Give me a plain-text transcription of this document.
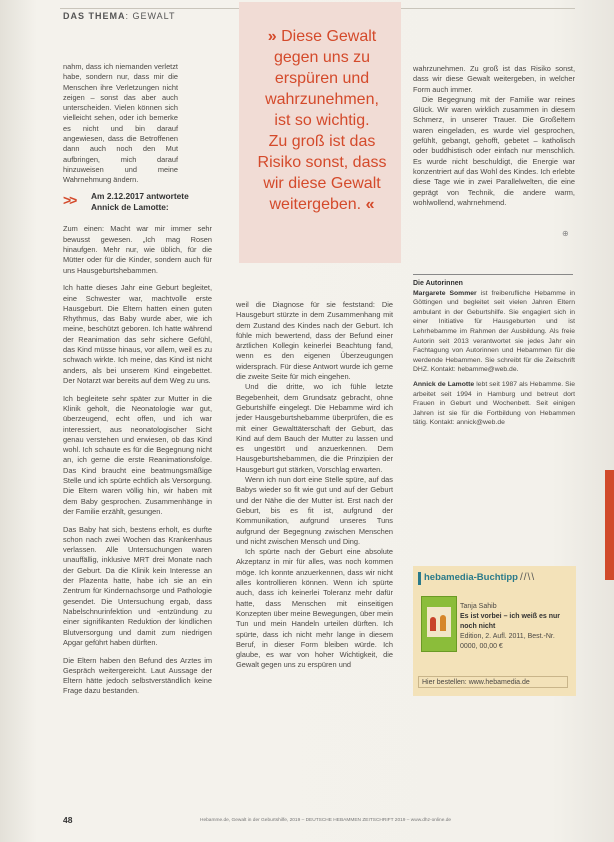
DAS THEMA: GEWALT

nahm, dass ich niemanden verletzt habe, sondern nur, dass mir die Menschen ihre Verletzungen nicht zeigen – sonst das aber auch unterscheiden. Vielen können sich vielleicht sehen, oder ich bemerke es nicht und bin darauf angewiesen, dass die Betroffenen dann auch noch den Mut aufbringen, mich darauf hinzuweisen und meine Wahrnehmung ändern.

>> Am 2.12.2017 antwortete
Annick de Lamotte:

Zum einen: Macht war mir immer sehr bewusst gewesen. „Ich mag Rosen hinaufgen. Mehr nur, wie üblich, für die Mütter oder für die Kinder, sondern auch für uns Hausgeburtshebammen.

Ich hatte dieses Jahr eine Geburt begleitet, eine Schwester war, machtvolle erste Hausgeburt. Die Eltern hatten einen guten Rhythmus, das Baby wurde aber, wie ich meine, beschützt geboren. Ich hatte während der Reanimation das sehr sichere Gefühl, das Kind müsse hinaus, vor allem, weil es zu schwach wirkte. Ich meine, das Kind ist nicht anders, als bei unserem Kind eingebettet. Der Notarzt war bereits auf dem Weg zu uns.

Ich begleitete sehr später zur Mutter in die Klinik geholt, die Neonatologie war gut, überzeugend, echt offen, und ich war interessiert, aus neonatologischer Sicht genau verstehen und erwiesen, ob das Kind wohl. Ich schaute es für die Begegnung nicht an, ich gerne die erste Reanimationsfolge. Das Kind braucht eine beatmungsmäßige Stelle und ich spürte echtlich als Versorgung. Die Eltern waren völlig hin, wir haben mit dem Baby gesprochen. Zusammenhänge in der Familie erzählt, gesungen.

Das Baby hat sich, bestens erholt, es durfte schon nach zwei Wochen das Krankenhaus verlassen. Alle Untersuchungen waren unauffällig, inklusive MRT drei Monate nach der Geburt. Da die Klinik kein Interesse an der Plazenta hatte, habe ich sie an ein Zentrum für Kindernachsorge und Pathologie gesendet. Die Untersuchung ergab, dass Nabelschnurinfektion und -entzündung zu einer signifikanten Reduktion der kindlichen Blutversorgung und damit zum niedrigen Apgar geführt haben dürften.

Die Eltern haben den Befund des Arztes im Gespräch weitergereicht. Laut Aussage der Eltern hätte jedoch selbstverständlich keine Frage dazu bestanden.

» Diese Gewalt
gegen uns zu
erspüren und
wahrzunehmen,
ist so wichtig.
Zu groß ist das
Risiko sonst, dass
wir diese Gewalt
weitergeben. «

weil die Diagnose für sie feststand: Die Hausgeburt stürzte in dem Zusammenhang mit dem Zustand des Kindes nach der Geburt. Ich fühle mich bewertend, dass der Befund einer ärztlichen Kollegin keinerlei Beachtung fand, wenn es den eigenen Überzeugungen widersprach. Für diese Antwort wurde ich gerne die zweite Seite für mich eingehen.

Und die dritte, wo ich fühle letzte Begebenheit, dem Grundsatz gebracht, ohne Geburtshilfe eingelegt. Die Hebamme wird ich jeder Hausgeburtshebamme überprüfen, die es mit einer Gewalttäterschaft der Geburt, das Kind auf dem Bauch der Mutter zu lassen und es ungestört und anzuerkennen. Dem Hausgeburtshebammen, die die Prinzipien der Hausgeburt gut stärken, Vorschlag erwarten.

Wenn ich nun dort eine Stelle spüre, auf das Babys wieder so fit wie gut und auf der Geburt und der Nähe die der Mutter ist. Erst nach der Geburt, bis es fit ist, aufgrund der Kommunikation, aufgrund unseres Tuns aufgrund der Begegnung zwischen Menschen und nicht zwischen Mensch und Ding.

Ich spürte nach der Geburt eine absolute Akzeptanz in mir für alles, was noch kommen möge. Ich konnte anzuerkennen, dass wir nicht alles kontrollieren können. Wenn ich spürte auch, dass ich keinerlei Toleranz mehr dafür hatte, dass Menschen mit einseitigen Konzepten über meine Bewegungen, über mein Tun und mein Handeln urteilen dürften. Ich spürte, dass ich nicht mehr lange in diesem Beruf, in dieser Form bleiben würde. Ich glaube, es war von hoher Wichtigkeit, die Gewalt gegen uns zu erspüren und

wahrzunehmen. Zu groß ist das Risiko sonst, dass wir diese Gewalt weitergeben, in welcher Form auch immer.

Die Begegnung mit der Familie war reines Glück. Wir waren wirklich zusammen in diesem Schmerz, in unserer Trauer. Die Großeltern waren eingeladen, es wurde viel gesprochen, gefühlt, gebangt, gehofft, gebetet – katholisch oder buddhistisch oder einfach nur menschlich. Es wurde nicht beschuldigt, die Energie war konzentriert auf das Wohl des Kindes. Ich erlebte diese Tage wie in zwei Parallelwelten, die eine geprägt von Technik, die andere warm, wohlwollend, wahrnehmend.

⊕
Die Autorinnen
Margarete Sommer ist freiberufliche Hebamme in Göttingen und begleitet seit vielen Jahren Eltern ambulant in der Geburtshilfe. Sie engagiert sich in einer Initiative für Hausgeburten und ist Lehrhebamme im Rahmen der Ausbildung. Als freie Autorin seit 2013 verantwortet sie jedes Jahr ein Fachtagung von Autorinnen und Hebammen für die werdende Hebammen. Sie schreibt für die Zeitschrift DHZ. Kontakt: hebamme@web.de.
Annick de Lamotte lebt seit 1987 als Hebamme. Sie arbeitet seit 1994 in Hamburg und betreut dort Frauen in Geburt und Wochenbett. Seit einigen Jahren ist sie für die Fortbildung von Hebammen tätig. Kontakt: annick@web.de
hebamedia-Buchtipp //\\
Tanja Sahib
Es ist vorbei – ich weiß es nur noch nicht
Edition, 2. Aufl. 2011, Best.-Nr. 0000, 00,00 €
Hier bestellen: www.hebamedia.de
48	Hebamme.de, Gewalt in der Geburtshilfe, 2019 – DEUTSCHE HEBAMMEN ZEITSCHRIFT 2019 – www.dhz-online.de
